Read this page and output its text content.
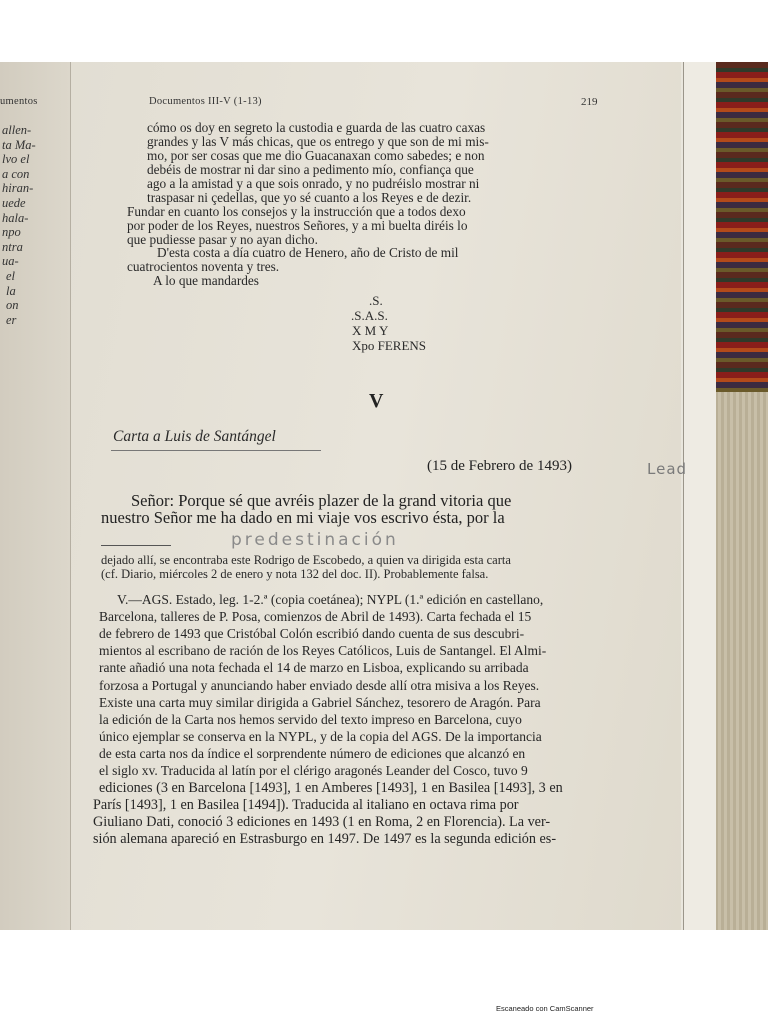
umentos
allen-
ta Ma-
lvo el
a con
hiran-
uede
hala-
npo
ntra
ua-
el
la
on
er
Documentos III-V (1-13)	219
cómo os doy en segreto la custodia e guarda de las cuatro caxas
grandes y las V más chicas, que os entrego y que son de mi mis-
mo, por ser cosas que me dio Guacanaxan como sabedes; e non
debéis de mostrar ni dar sino a pedimento mío, confiança que
ago a la amistad y a que sois onrado, y no pudréislo mostrar ni
traspasar ni çedellas, que yo sé cuanto a los Reyes e de dezir.
Fundar en cuanto los consejos y la instrucción que a todos dexo
por poder de los Reyes, nuestros Señores, y a mi buelta diréis lo
que pudiesse pasar y no ayan dicho.
D'esta costa a día cuatro de Henero, año de Cristo de mil
cuatrocientos noventa y tres.
A lo que mandardes
.S.
.S.A.S.
X M Y
Xpo FERENS
V
Carta a Luis de Santángel
(15 de Febrero de 1493)	Lead
Señor: Porque sé que avréis plazer de la grand vitoria que
nuestro Señor me ha dado en mi viaje vos escrivo ésta, por la
predestinación
dejado allí, se encontraba este Rodrigo de Escobedo, a quien va dirigida esta carta
(cf. Diario, miércoles 2 de enero y nota 132 del doc. II). Probablemente falsa.
V.—AGS. Estado, leg. 1-2.ª (copia coetánea); NYPL (1.ª edición en castellano,
Barcelona, talleres de P. Posa, comienzos de Abril de 1493). Carta fechada el 15
de febrero de 1493 que Cristóbal Colón escribió dando cuenta de sus descubri-
mientos al escribano de ración de los Reyes Católicos, Luis de Santangel. El Almi-
rante añadió una nota fechada el 14 de marzo en Lisboa, explicando su arribada
forzosa a Portugal y anunciando haber enviado desde allí otra misiva a los Reyes.
Existe una carta muy similar dirigida a Gabriel Sánchez, tesorero de Aragón. Para
la edición de la Carta nos hemos servido del texto impreso en Barcelona, cuyo
único ejemplar se conserva en la NYPL, y de la copia del AGS. De la importancia
de esta carta nos da índice el sorprendente número de ediciones que alcanzó en
el siglo xv. Traducida al latín por el clérigo aragonés Leander del Cosco, tuvo 9
ediciones (3 en Barcelona [1493], 1 en Amberes [1493], 1 en Basilea [1493], 3 en
París [1493], 1 en Basilea [1494]). Traducida al italiano en octava rima por
Giuliano Dati, conoció 3 ediciones en 1493 (1 en Roma, 2 en Florencia). La ver-
sión alemana apareció en Estrasburgo en 1497. De 1497 es la segunda edición es-
Escaneado con CamScanner
